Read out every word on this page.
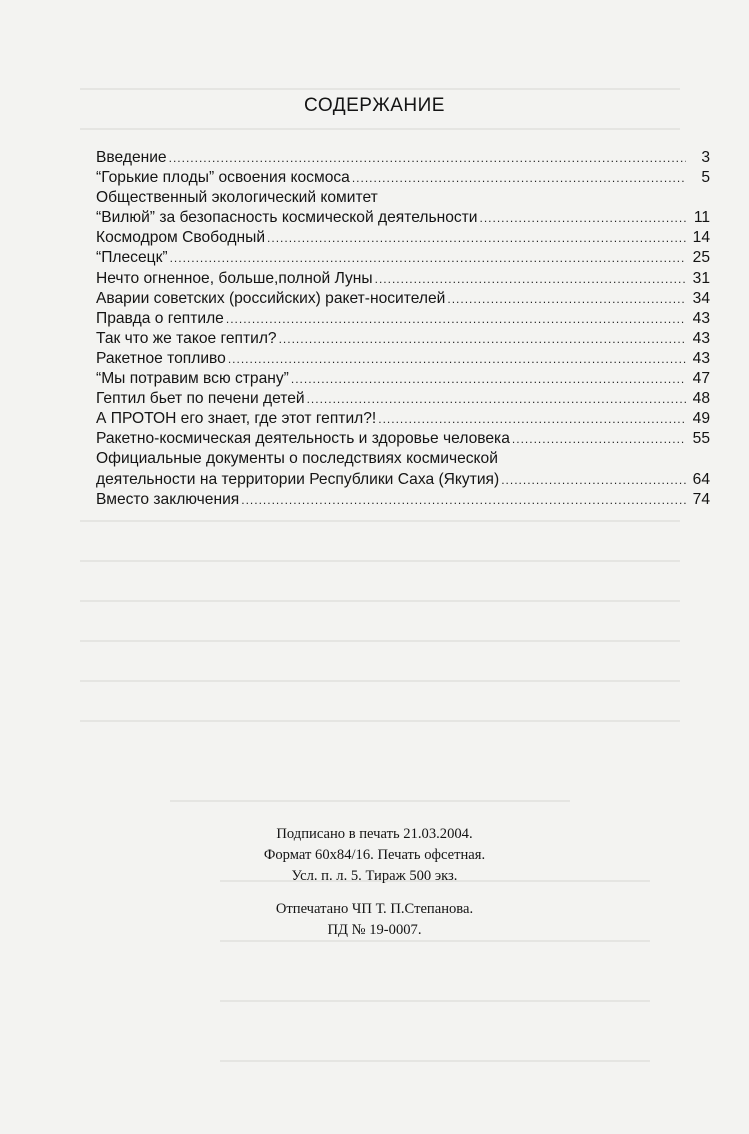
СОДЕРЖАНИЕ
Введение .....	3
“Горькие плоды” освоения космоса .....	5
Общественный экологический комитет
“Вилюй” за безопасность космической деятельности .....	11
Космодром Свободный .....	14
“Плесецк” .....	25
Нечто огненное, больше,полной Луны .....	31
Аварии советских (российских) ракет-носителей .....	34
Правда о гептиле .....	43
Так что же такое гептил? .....	43
Ракетное топливо .....	43
“Мы потравим всю страну” .....	47
Гептил бьет по печени детей .....	48
А ПРОТОН его знает, где этот гептил?! .....	49
Ракетно-космическая деятельность и здоровье человека .....	55
Официальные документы о последствиях космической
деятельности на территории Республики Саха (Якутия) .....	64
Вместо заключения .....	74
Подписано в печать 21.03.2004.
Формат 60х84/16. Печать офсетная.
Усл. п. л. 5. Тираж 500 экз.
Отпечатано ЧП Т. П.Степанова.
ПД № 19-0007.
